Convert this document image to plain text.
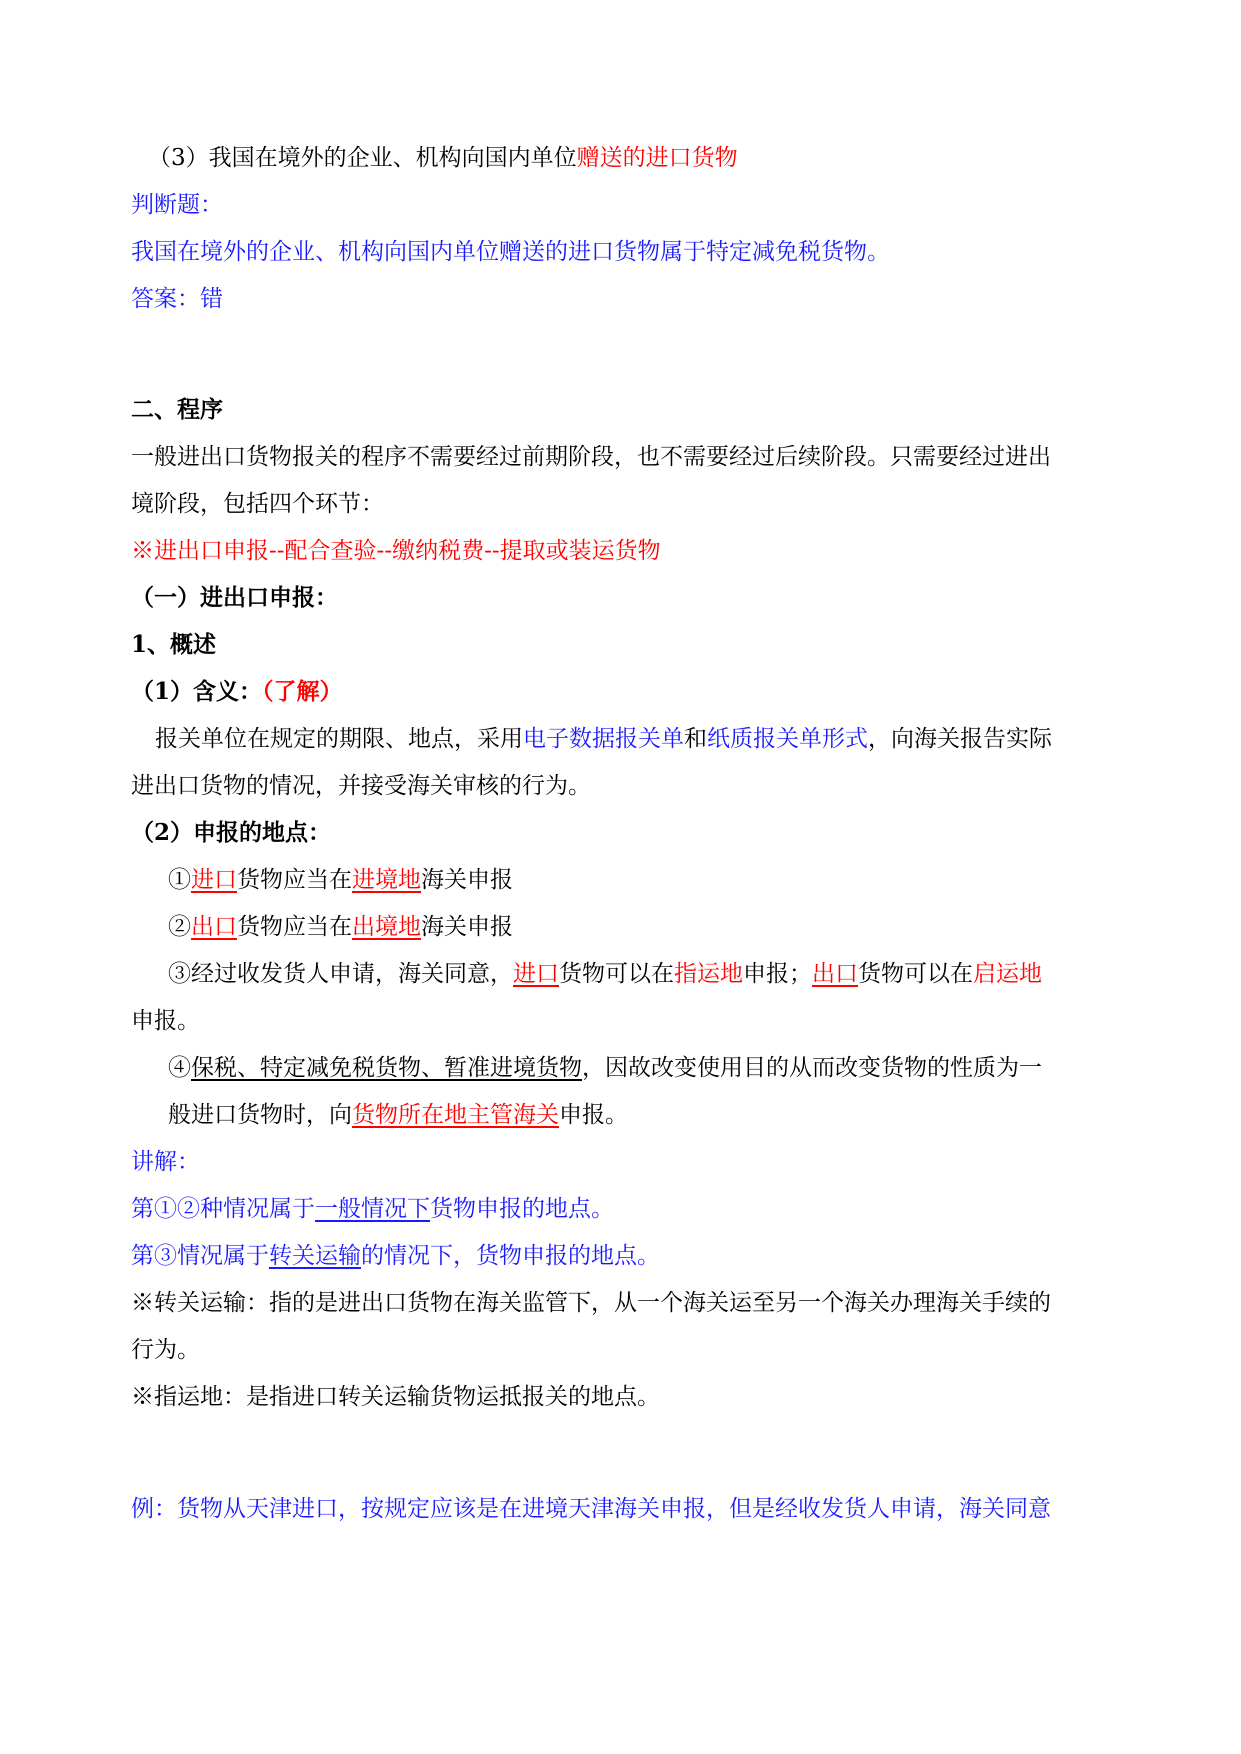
（3）我国在境外的企业、机构向国内单位赠送的进口货物

判断题：

我国在境外的企业、机构向国内单位赠送的进口货物属于特定减免税货物。

答案：错

二、程序

一般进出口货物报关的程序不需要经过前期阶段，也不需要经过后续阶段。只需要经过进出

境阶段，包括四个环节：

※进出口申报--配合查验--缴纳税费--提取或装运货物

（一）进出口申报：

1、概述

（1）含义：（了解）

报关单位在规定的期限、地点，采用电子数据报关单和纸质报关单形式，向海关报告实际

进出口货物的情况，并接受海关审核的行为。

（2）申报的地点：

①进口货物应当在进境地海关申报

②出口货物应当在出境地海关申报

③经过收发货人申请，海关同意，进口货物可以在指运地申报；出口货物可以在启运地

申报。

④保税、特定减免税货物、暂准进境货物，因故改变使用目的从而改变货物的性质为一

般进口货物时，向货物所在地主管海关申报。

讲解：

第①②种情况属于一般情况下货物申报的地点。

第③情况属于转关运输的情况下，货物申报的地点。

※转关运输：指的是进出口货物在海关监管下，从一个海关运至另一个海关办理海关手续的

行为。

※指运地：是指进口转关运输货物运抵报关的地点。

例：货物从天津进口，按规定应该是在进境天津海关申报，但是经收发货人申请，海关同意
